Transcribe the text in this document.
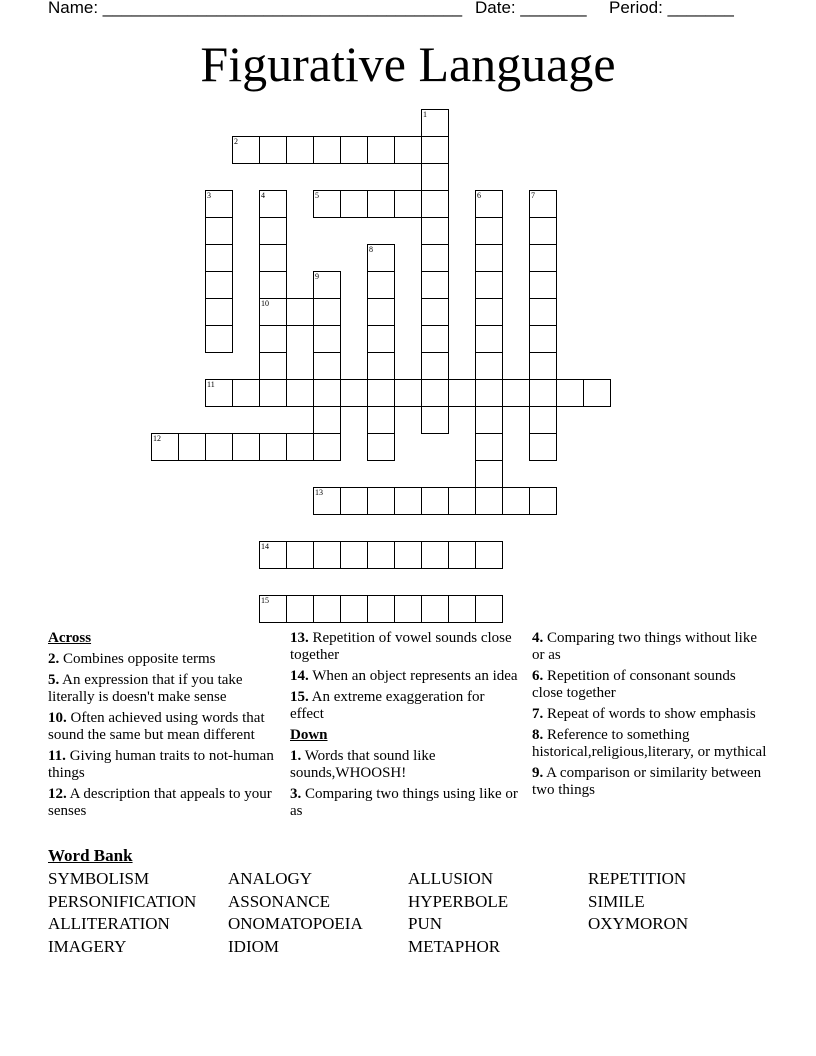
Name: ______________________________________ Date: _______ Period: _______
Figurative Language
1
2
3	4	5	6	7
8
9
10
11
12
13
14
15
Across
2. Combines opposite terms
5. An expression that if you take literally is doesn't make sense
10. Often achieved using words that sound the same but mean different
11. Giving human traits to not-human things
12. A description that appeals to your senses
13. Repetition of vowel sounds close together
14. When an object represents an idea
15. An extreme exaggeration for effect
Down
1. Words that sound like sounds,WHOOSH!
3. Comparing two things using like or as
4. Comparing two things without like or as
6. Repetition of consonant sounds close together
7. Repeat of words to show emphasis
8. Reference to something historical,religious,literary, or mythical
9. A comparison or similarity between two things
Word Bank
SYMBOLISM	ANALOGY	ALLUSION	REPETITION
PERSONIFICATION	ASSONANCE	HYPERBOLE	SIMILE
ALLITERATION	ONOMATOPOEIA	PUN	OXYMORON
IMAGERY	IDIOM	METAPHOR
